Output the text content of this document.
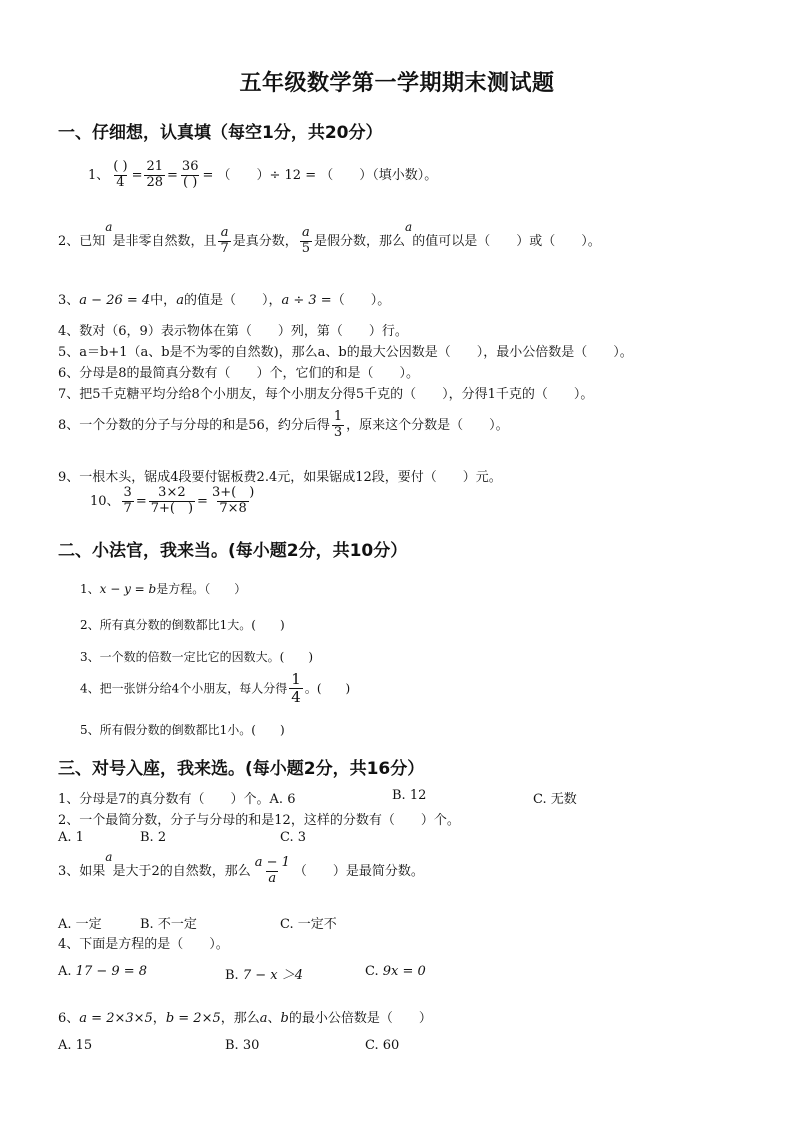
五年级数学第一学期期末测试题
一、仔细想，认真填（每空1分，共20分）
1、 $\frac{( )}{4} = \frac{21}{28} = \frac{36}{( )}$ = （　　）÷ 12 = （　　）（填小数）。
2、已知a是非零自然数，且 $\frac{a}{7}$ 是真分数， $\frac{a}{5}$ 是假分数，那么a的值可以是（　　）或（　　）。
3、a − 26 = 4中，a的值是（　　），a ÷ 3 =（　　）。
4、数对（6，9）表示物体在第（　　）列，第（　　）行。
5、a＝b+1（a、b是不为零的自然数)，那么a、b的最大公因数是（　　），最小公倍数是（　　）。
6、分母是8的最简真分数有（　　）个，它们的和是（　　）。
7、把5千克糖平均分给8个小朋友，每个小朋友分得5千克的（　　），分得1千克的（　　）。
8、一个分数的分子与分母的和是56，约分后得 $\frac{1}{3}$ ，原来这个分数是（　　）。
9、一根木头，锯成4段要付锯板费2.4元，如果锯成12段，要付（　　）元。
10、 $\frac{3}{7} = \frac{3\times 2}{7+( )} = \frac{3+( )}{7\times 8}$
二、小法官，我来当。(每小题2分，共10分）
1、x − y = b是方程。（　　）
2、所有真分数的倒数都比1大。(　　)
3、一个数的倍数一定比它的因数大。(　　)
4、把一张饼分给4个小朋友，每人分得 $\frac{1}{4}$ 。(　　)
5、所有假分数的倒数都比1小。(　　)
三、对号入座，我来选。(每小题2分，共16分）
1、分母是7的真分数有（　　）个。A. 6	B. 12	C. 无数
2、一个最简分数，分子与分母的和是12，这样的分数有（　　）个。
A. 1	B. 2	C. 3
3、如果a是大于2的自然数，那么 $\frac{a - 1}{a}$ （　　）是最简分数。
A. 一定	B. 不一定	C. 一定不
4、下面是方程的是（　　）。
A. 17 − 9 = 8	B. 7 − x ＞4	C. 9x = 0
6、a = 2×3×5，b = 2×5，那么a、b的最小公倍数是（　　）
A. 15	B. 30	C. 60
